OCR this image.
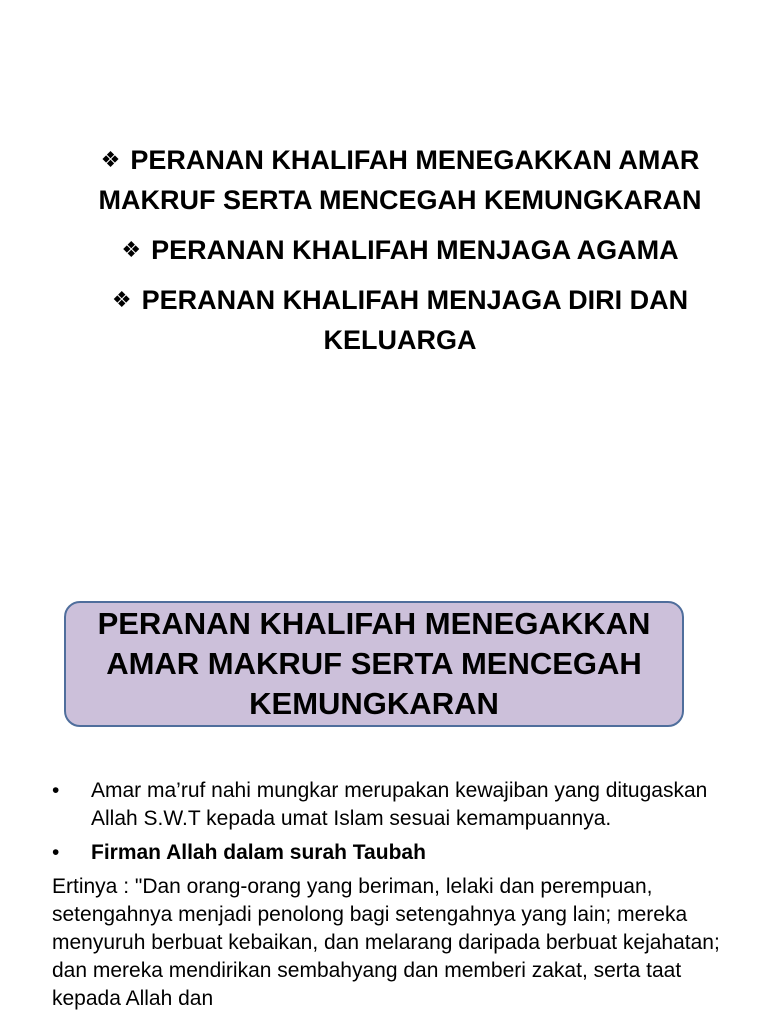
❖ PERANAN KHALIFAH MENEGAKKAN AMAR MAKRUF SERTA MENCEGAH KEMUNGKARAN
❖ PERANAN KHALIFAH MENJAGA AGAMA
❖ PERANAN KHALIFAH MENJAGA DIRI DAN KELUARGA
PERANAN KHALIFAH MENEGAKKAN AMAR MAKRUF SERTA MENCEGAH KEMUNGKARAN
•	Amar ma’ruf nahi mungkar merupakan kewajiban yang ditugaskan Allah S.W.T kepada umat Islam sesuai kemampuannya.
•	Firman Allah dalam surah Taubah
Ertinya : "Dan orang-orang yang beriman, lelaki dan perempuan, setengahnya menjadi penolong bagi setengahnya yang lain; mereka menyuruh berbuat kebaikan, dan melarang daripada berbuat kejahatan; dan mereka mendirikan sembahyang dan memberi zakat, serta taat kepada Allah dan
